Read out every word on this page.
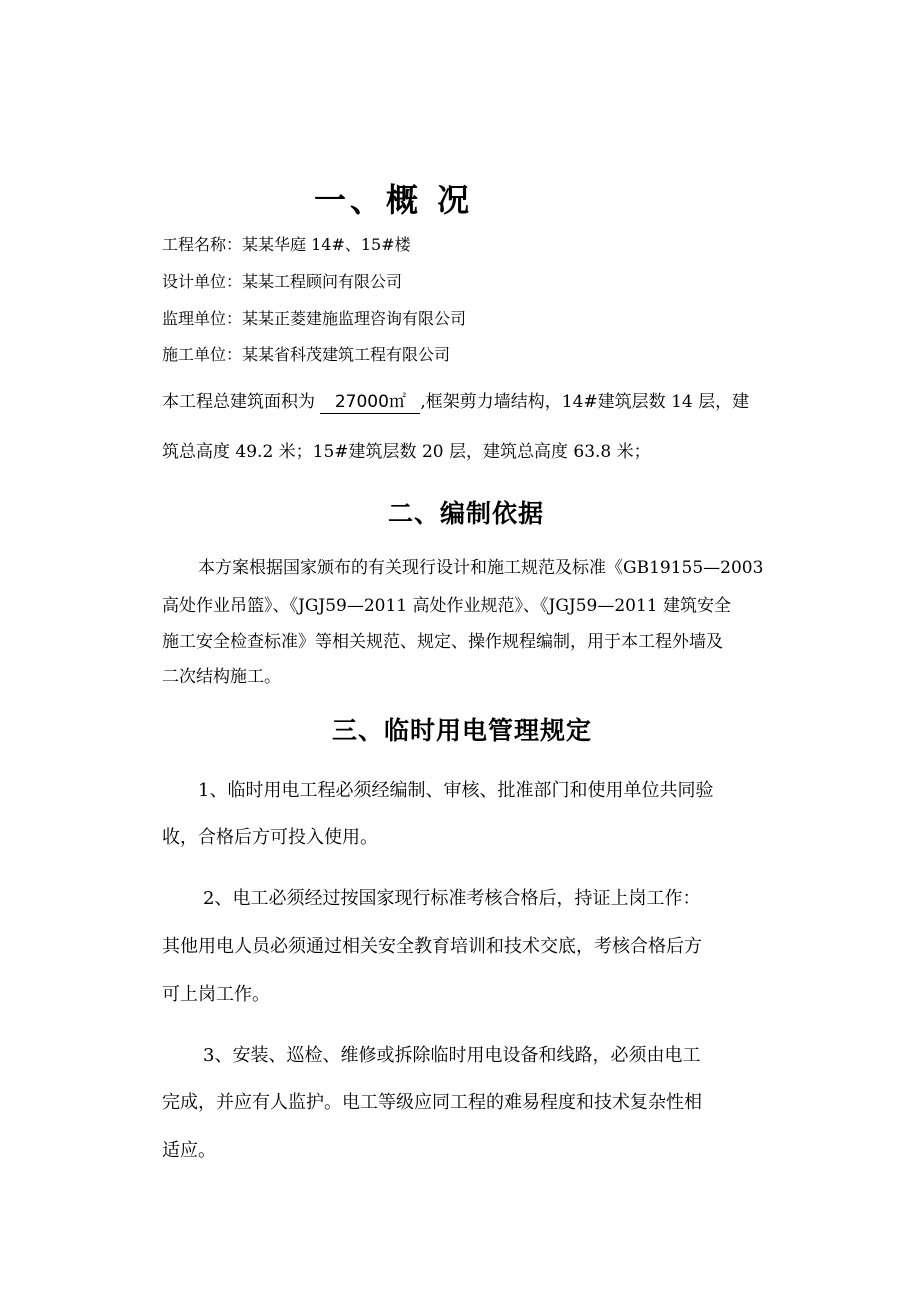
一、概 况
工程名称：某某华庭 14#、15#楼
设计单位：某某工程顾问有限公司
监理单位：某某正菱建施监理咨询有限公司
施工单位：某某省科茂建筑工程有限公司
本工程总建筑面积为 27000㎡ ,框架剪力墙结构，14#建筑层数 14 层，建
筑总高度 49.2 米；15#建筑层数 20 层，建筑总高度 63.8 米；
二、编制依据
本方案根据国家颁布的有关现行设计和施工规范及标准《GB19155—2003
高处作业吊篮》、《JGJ59—2011 高处作业规范》、《JGJ59—2011 建筑安全
施工安全检查标准》等相关规范、规定、操作规程编制，用于本工程外墙及
二次结构施工。
三、临时用电管理规定
1、临时用电工程必须经编制、审核、批准部门和使用单位共同验
收，合格后方可投入使用。
2、电工必须经过按国家现行标准考核合格后，持证上岗工作：
其他用电人员必须通过相关安全教育培训和技术交底，考核合格后方
可上岗工作。
3、安装、巡检、维修或拆除临时用电设备和线路，必须由电工
完成，并应有人监护。电工等级应同工程的难易程度和技术复杂性相
适应。
